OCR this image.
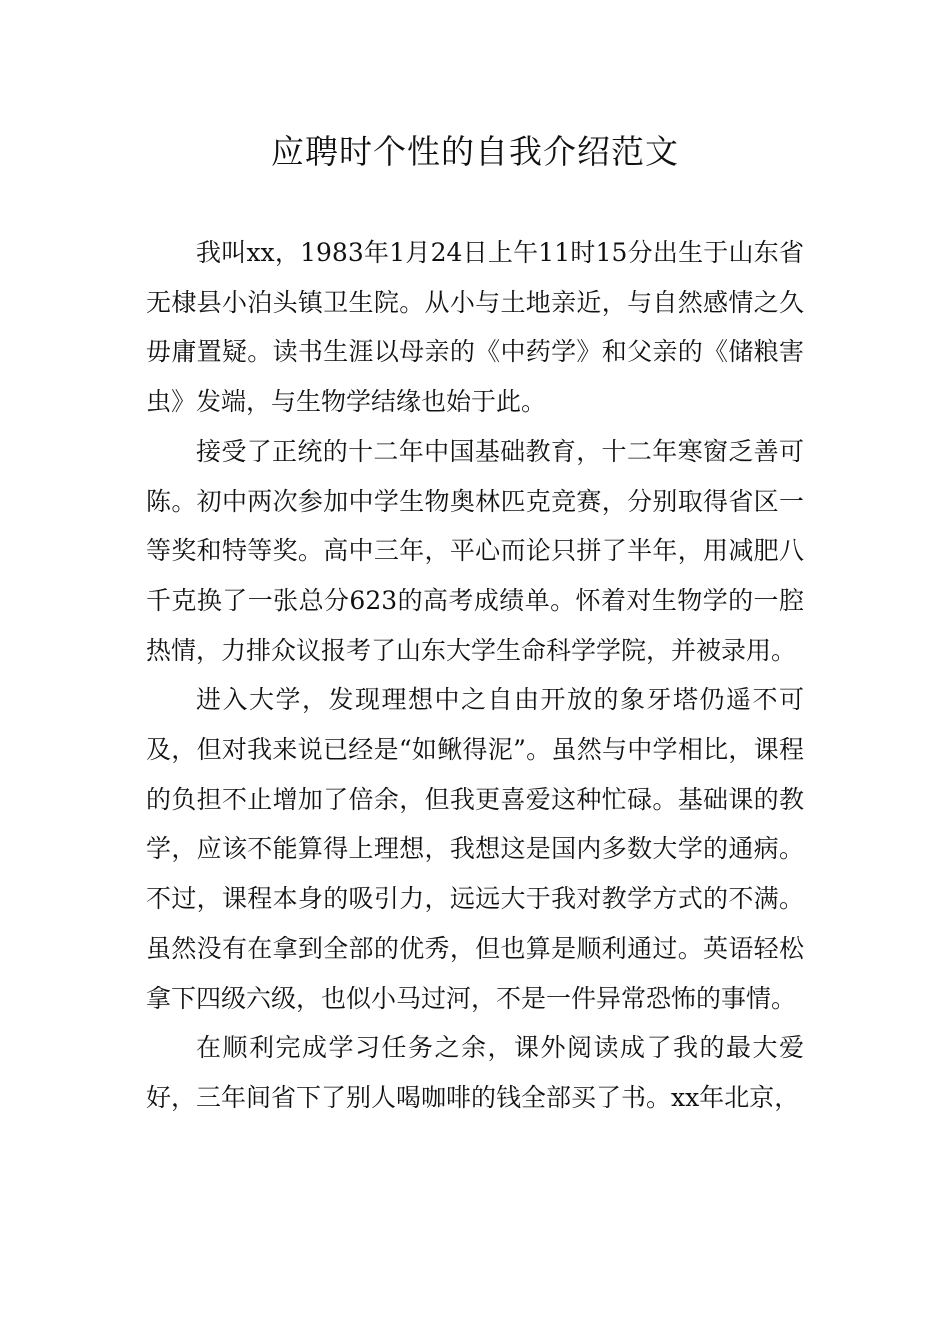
应聘时个性的自我介绍范文

我叫xx，1983年1月24日上午11时15分出生于山东省无棣县小泊头镇卫生院。从小与土地亲近，与自然感情之久毋庸置疑。读书生涯以母亲的《中药学》和父亲的《储粮害虫》发端，与生物学结缘也始于此。

接受了正统的十二年中国基础教育，十二年寒窗乏善可陈。初中两次参加中学生物奥林匹克竞赛，分别取得省区一等奖和特等奖。高中三年，平心而论只拼了半年，用减肥八千克换了一张总分623的高考成绩单。怀着对生物学的一腔热情，力排众议报考了山东大学生命科学学院，并被录用。

进入大学，发现理想中之自由开放的象牙塔仍遥不可及，但对我来说已经是“如鳅得泥”。虽然与中学相比，课程的负担不止增加了倍余，但我更喜爱这种忙碌。基础课的教学，应该不能算得上理想，我想这是国内多数大学的通病。不过，课程本身的吸引力，远远大于我对教学方式的不满。虽然没有在拿到全部的优秀，但也算是顺利通过。英语轻松拿下四级六级，也似小马过河，不是一件异常恐怖的事情。

在顺利完成学习任务之余，课外阅读成了我的最大爱好，三年间省下了别人喝咖啡的钱全部买了书。xx年北京，
